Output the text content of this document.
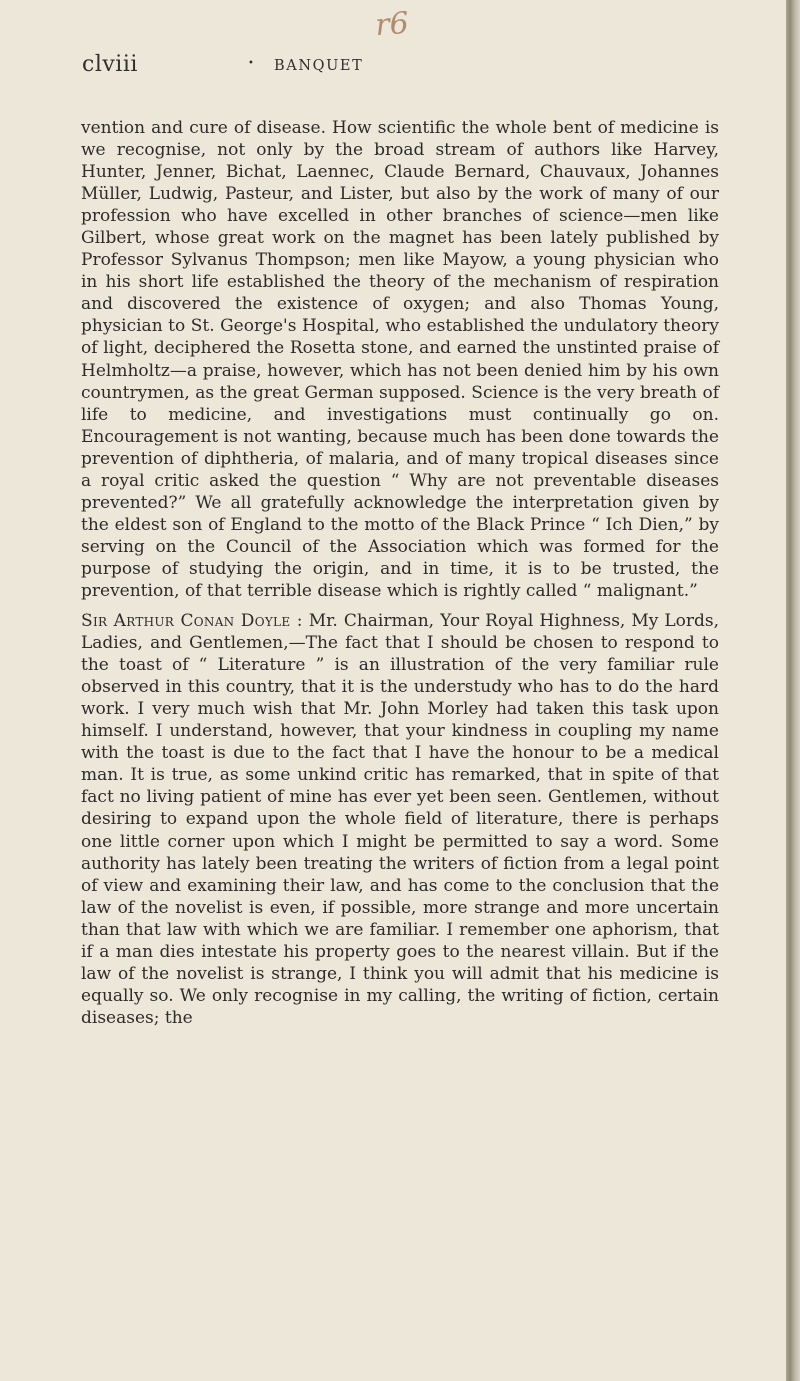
r6
clviii	• BANQUET

vention and cure of disease. How scientific the whole bent of medicine is we recognise, not only by the broad stream of authors like Harvey, Hunter, Jenner, Bichat, Laennec, Claude Bernard, Chauvaux, Johannes Müller, Ludwig, Pasteur, and Lister, but also by the work of many of our profession who have excelled in other branches of science—men like Gilbert, whose great work on the magnet has been lately published by Professor Sylvanus Thompson; men like Mayow, a young physician who in his short life established the theory of the mechanism of respiration and discovered the existence of oxygen; and also Thomas Young, physician to St. George's Hospital, who established the undulatory theory of light, deciphered the Rosetta stone, and earned the unstinted praise of Helmholtz—a praise, however, which has not been denied him by his own countrymen, as the great German supposed. Science is the very breath of life to medicine, and investigations must continually go on. Encouragement is not wanting, because much has been done towards the prevention of diphtheria, of malaria, and of many tropical diseases since a royal critic asked the question “ Why are not preventable diseases prevented?” We all gratefully acknowledge the interpretation given by the eldest son of England to the motto of the Black Prince “ Ich Dien,” by serving on the Council of the Association which was formed for the purpose of studying the origin, and in time, it is to be trusted, the prevention, of that terrible disease which is rightly called “ malignant.”

Sir Arthur Conan Doyle : Mr. Chairman, Your Royal Highness, My Lords, Ladies, and Gentlemen,—The fact that I should be chosen to respond to the toast of “ Literature ” is an illustration of the very familiar rule observed in this country, that it is the understudy who has to do the hard work. I very much wish that Mr. John Morley had taken this task upon himself. I understand, however, that your kindness in coupling my name with the toast is due to the fact that I have the honour to be a medical man. It is true, as some unkind critic has remarked, that in spite of that fact no living patient of mine has ever yet been seen. Gentlemen, without desiring to expand upon the whole field of literature, there is perhaps one little corner upon which I might be permitted to say a word. Some authority has lately been treating the writers of fiction from a legal point of view and examining their law, and has come to the conclusion that the law of the novelist is even, if possible, more strange and more uncertain than that law with which we are familiar. I remember one aphorism, that if a man dies intestate his property goes to the nearest villain. But if the law of the novelist is strange, I think you will admit that his medicine is equally so. We only recognise in my calling, the writing of fiction, certain diseases; the
